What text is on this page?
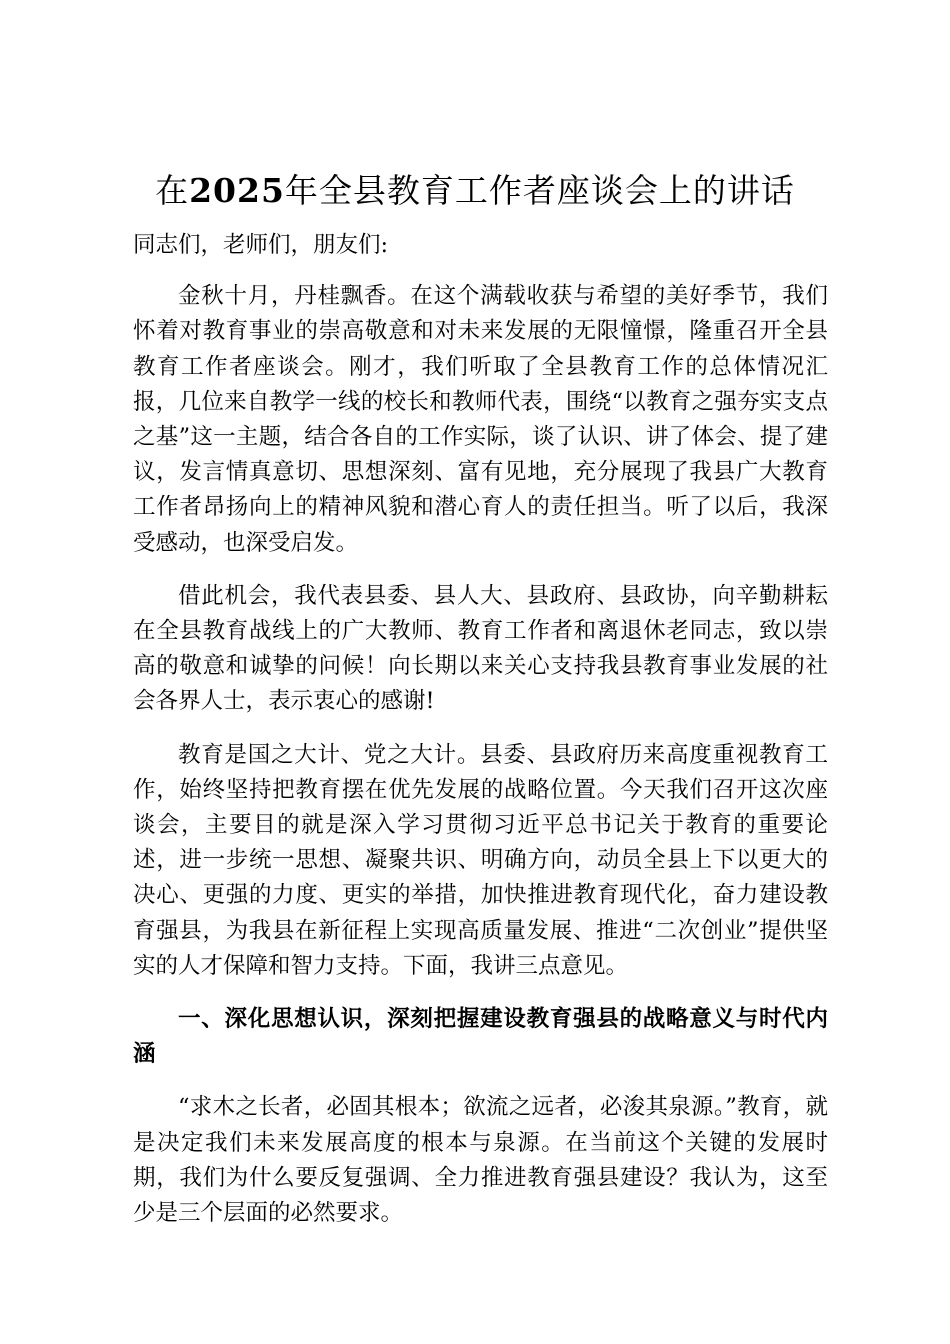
在2025年全县教育工作者座谈会上的讲话

同志们，老师们，朋友们:

金秋十月，丹桂飘香。在这个满载收获与希望的美好季节，我们怀着对教育事业的崇高敬意和对未来发展的无限憧憬，隆重召开全县教育工作者座谈会。刚才，我们听取了全县教育工作的总体情况汇报，几位来自教学一线的校长和教师代表，围绕“以教育之强夯实支点之基”这一主题，结合各自的工作实际，谈了认识、讲了体会、提了建议，发言情真意切、思想深刻、富有见地，充分展现了我县广大教育工作者昂扬向上的精神风貌和潜心育人的责任担当。听了以后，我深受感动，也深受启发。

借此机会，我代表县委、县人大、县政府、县政协，向辛勤耕耘在全县教育战线上的广大教师、教育工作者和离退休老同志，致以崇高的敬意和诚挚的问候！向长期以来关心支持我县教育事业发展的社会各界人士，表示衷心的感谢!

教育是国之大计、党之大计。县委、县政府历来高度重视教育工作，始终坚持把教育摆在优先发展的战略位置。今天我们召开这次座谈会，主要目的就是深入学习贯彻习近平总书记关于教育的重要论述，进一步统一思想、凝聚共识、明确方向，动员全县上下以更大的决心、更强的力度、更实的举措，加快推进教育现代化，奋力建设教育强县，为我县在新征程上实现高质量发展、推进“二次创业”提供坚实的人才保障和智力支持。下面，我讲三点意见。

一、深化思想认识，深刻把握建设教育强县的战略意义与时代内涵

“求木之长者，必固其根本；欲流之远者，必浚其泉源。”教育，就是决定我们未来发展高度的根本与泉源。在当前这个关键的发展时期，我们为什么要反复强调、全力推进教育强县建设？我认为，这至少是三个层面的必然要求。
